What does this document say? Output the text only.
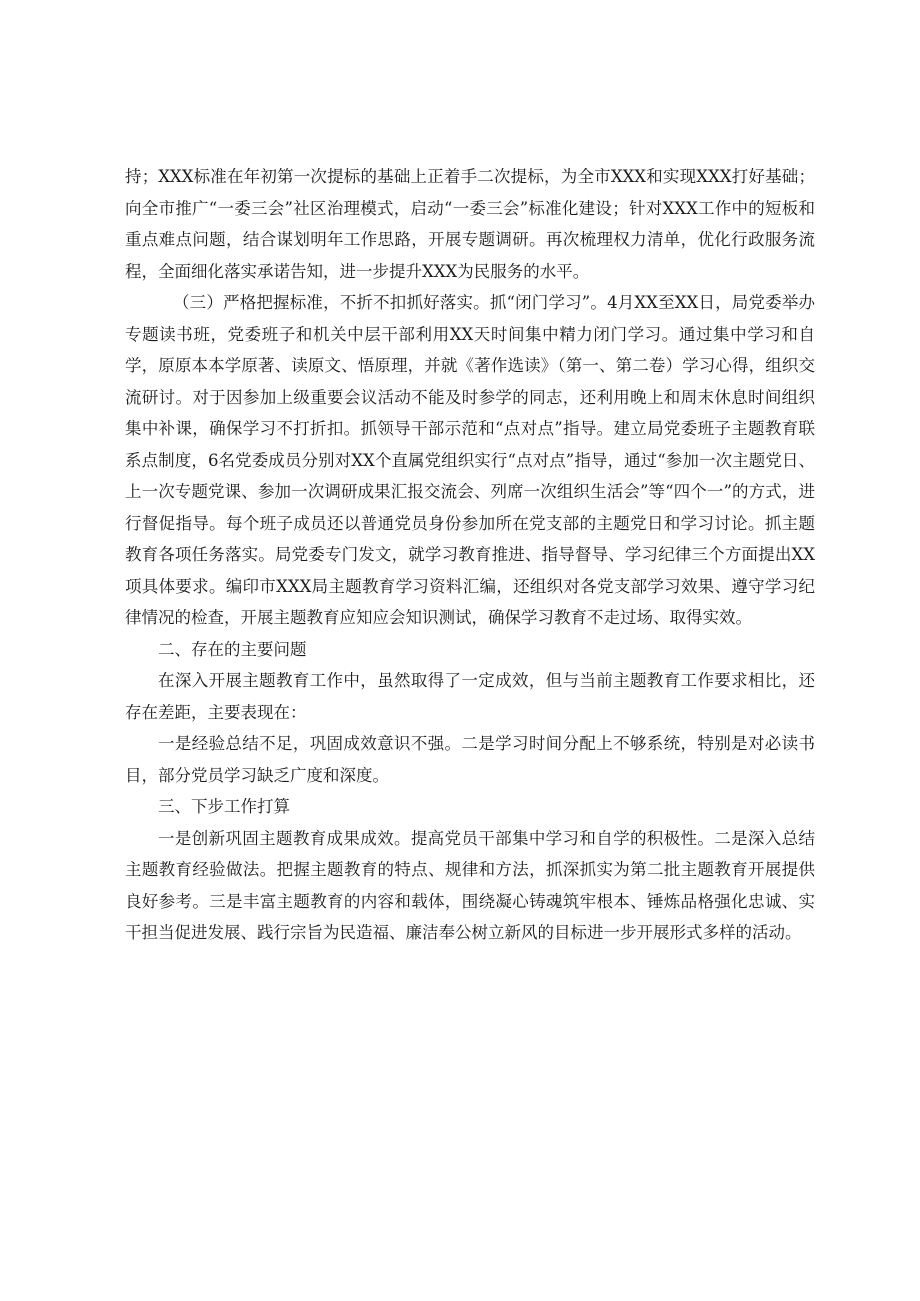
持；XXX标准在年初第一次提标的基础上正着手二次提标，为全市XXX和实现XXX打好基础；向全市推广“一委三会”社区治理模式，启动“一委三会”标准化建设；针对XXX工作中的短板和重点难点问题，结合谋划明年工作思路，开展专题调研。再次梳理权力清单，优化行政服务流程，全面细化落实承诺告知，进一步提升XXX为民服务的水平。

（三）严格把握标准，不折不扣抓好落实。抓“闭门学习”。4月XX至XX日，局党委举办专题读书班，党委班子和机关中层干部利用XX天时间集中精力闭门学习。通过集中学习和自学，原原本本学原著、读原文、悟原理，并就《著作选读》（第一、第二卷）学习心得，组织交流研讨。对于因参加上级重要会议活动不能及时参学的同志，还利用晚上和周末休息时间组织集中补课，确保学习不打折扣。抓领导干部示范和“点对点”指导。建立局党委班子主题教育联系点制度，6名党委成员分别对XX个直属党组织实行“点对点”指导，通过“参加一次主题党日、上一次专题党课、参加一次调研成果汇报交流会、列席一次组织生活会”等“四个一”的方式，进行督促指导。每个班子成员还以普通党员身份参加所在党支部的主题党日和学习讨论。抓主题教育各项任务落实。局党委专门发文，就学习教育推进、指导督导、学习纪律三个方面提出XX项具体要求。编印市XXX局主题教育学习资料汇编，还组织对各党支部学习效果、遵守学习纪律情况的检查，开展主题教育应知应会知识测试，确保学习教育不走过场、取得实效。

二、存在的主要问题

在深入开展主题教育工作中，虽然取得了一定成效，但与当前主题教育工作要求相比，还存在差距，主要表现在：

一是经验总结不足，巩固成效意识不强。二是学习时间分配上不够系统，特别是对必读书目，部分党员学习缺乏广度和深度。

三、下步工作打算

一是创新巩固主题教育成果成效。提高党员干部集中学习和自学的积极性。二是深入总结主题教育经验做法。把握主题教育的特点、规律和方法，抓深抓实为第二批主题教育开展提供良好参考。三是丰富主题教育的内容和载体，围绕凝心铸魂筑牢根本、锤炼品格强化忠诚、实干担当促进发展、践行宗旨为民造福、廉洁奉公树立新风的目标进一步开展形式多样的活动。
